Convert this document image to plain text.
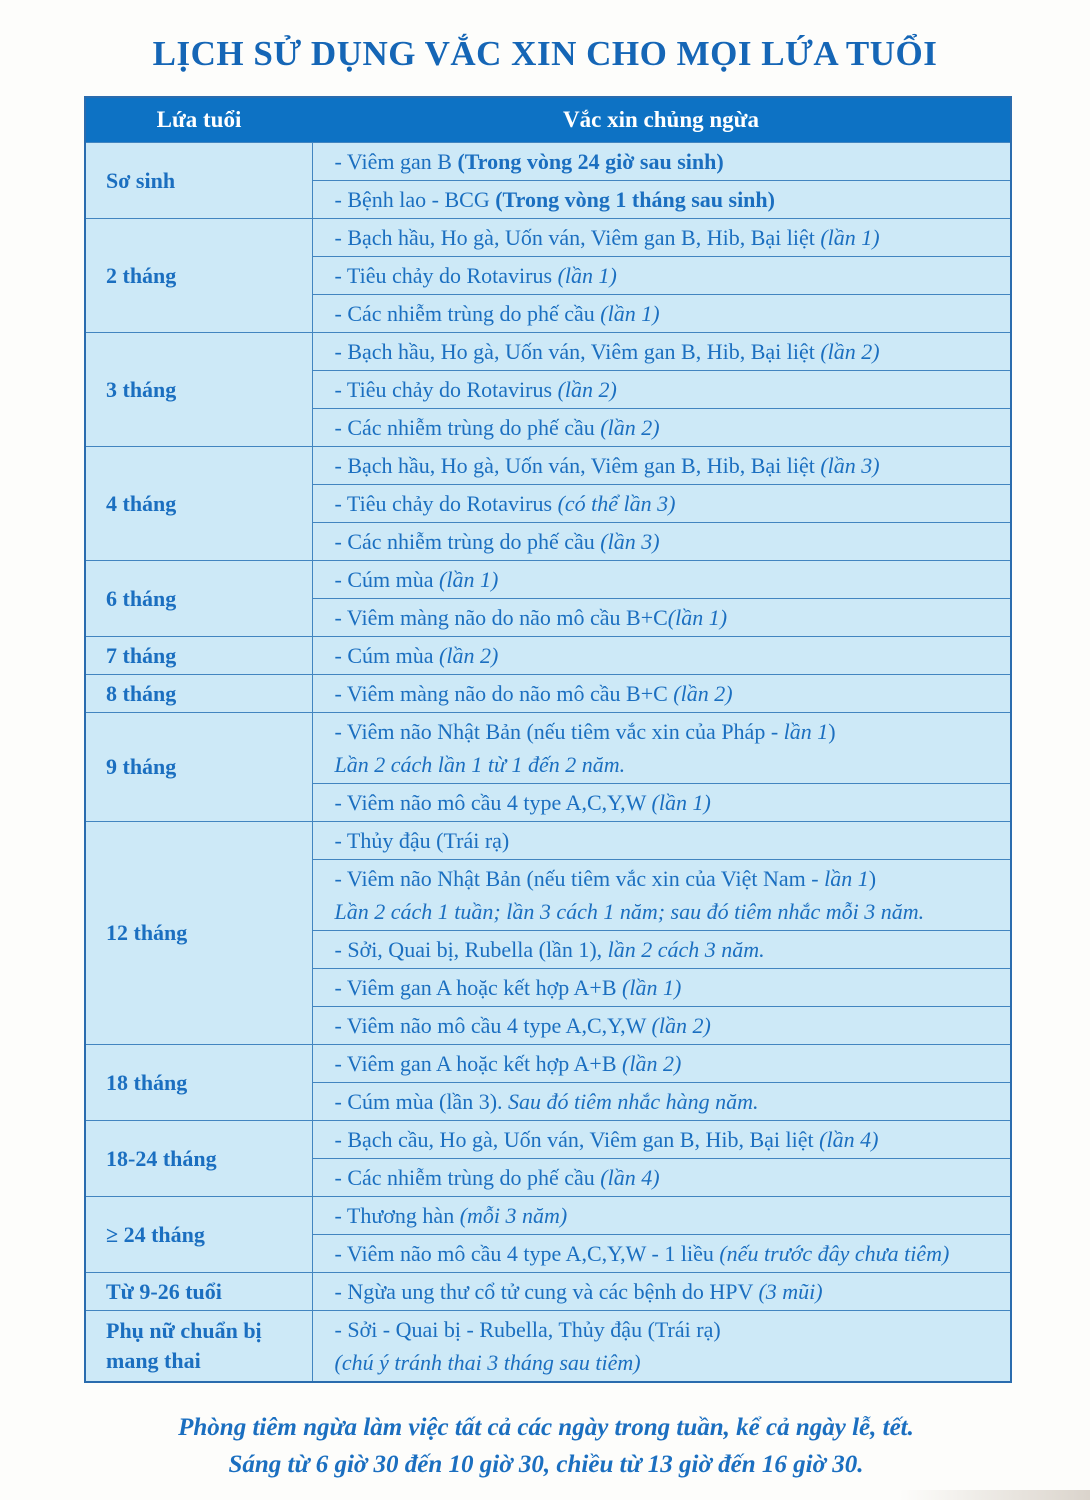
LỊCH SỬ DỤNG VẮC XIN CHO MỌI LỨA TUỔI
Lứa tuổi	Vắc xin chủng ngừa
Sơ sinh	- Viêm gan B (Trong vòng 24 giờ sau sinh)

	- Bệnh lao - BCG (Trong vòng 1 tháng sau sinh)

2 tháng	- Bạch hầu, Ho gà, Uốn ván, Viêm gan B, Hib, Bại liệt (lần 1)

	- Tiêu chảy do Rotavirus (lần 1)

	- Các nhiễm trùng do phế cầu (lần 1)

3 tháng	- Bạch hầu, Ho gà, Uốn ván, Viêm gan B, Hib, Bại liệt (lần 2)

	- Tiêu chảy do Rotavirus (lần 2)

	- Các nhiễm trùng do phế cầu (lần 2)

4 tháng	- Bạch hầu, Ho gà, Uốn ván, Viêm gan B, Hib, Bại liệt (lần 3)

	- Tiêu chảy do Rotavirus (có thể lần 3)

	- Các nhiễm trùng do phế cầu (lần 3)

6 tháng	- Cúm mùa (lần 1)

	- Viêm màng não do não mô cầu B+C(lần 1)

7 tháng	- Cúm mùa (lần 2)

8 tháng	- Viêm màng não do não mô cầu B+C (lần 2)

9 tháng	- Viêm não Nhật Bản (nếu tiêm vắc xin của Pháp - lần 1)
Lần 2 cách lần 1 từ 1 đến 2 năm.

	- Viêm não mô cầu 4 type A,C,Y,W (lần 1)

12 tháng	- Thủy đậu (Trái rạ)

	- Viêm não Nhật Bản (nếu tiêm vắc xin của Việt Nam - lần 1)
Lần 2 cách 1 tuần; lần 3 cách 1 năm; sau đó tiêm nhắc mỗi 3 năm.

	- Sởi, Quai bị, Rubella (lần 1), lần 2 cách 3 năm.

	- Viêm gan A hoặc kết hợp A+B (lần 1)

	- Viêm não mô cầu 4 type A,C,Y,W (lần 2)

18 tháng	- Viêm gan A hoặc kết hợp A+B (lần 2)

	- Cúm mùa (lần 3). Sau đó tiêm nhắc hàng năm.

18-24 tháng	- Bạch cầu, Ho gà, Uốn ván, Viêm gan B, Hib, Bại liệt (lần 4)

	- Các nhiễm trùng do phế cầu (lần 4)

≥ 24 tháng	- Thương hàn (mỗi 3 năm)

	- Viêm não mô cầu 4 type A,C,Y,W - 1 liều (nếu trước đây chưa tiêm)

Từ 9-26 tuổi	- Ngừa ung thư cổ tử cung và các bệnh do HPV (3 mũi)

Phụ nữ chuẩn bị mang thai	- Sởi - Quai bị - Rubella, Thủy đậu (Trái rạ)
(chú ý tránh thai 3 tháng sau tiêm)
Phòng tiêm ngừa làm việc tất cả các ngày trong tuần, kể cả ngày lễ, tết.
Sáng từ 6 giờ 30 đến 10 giờ 30, chiều từ 13 giờ đến 16 giờ 30.
